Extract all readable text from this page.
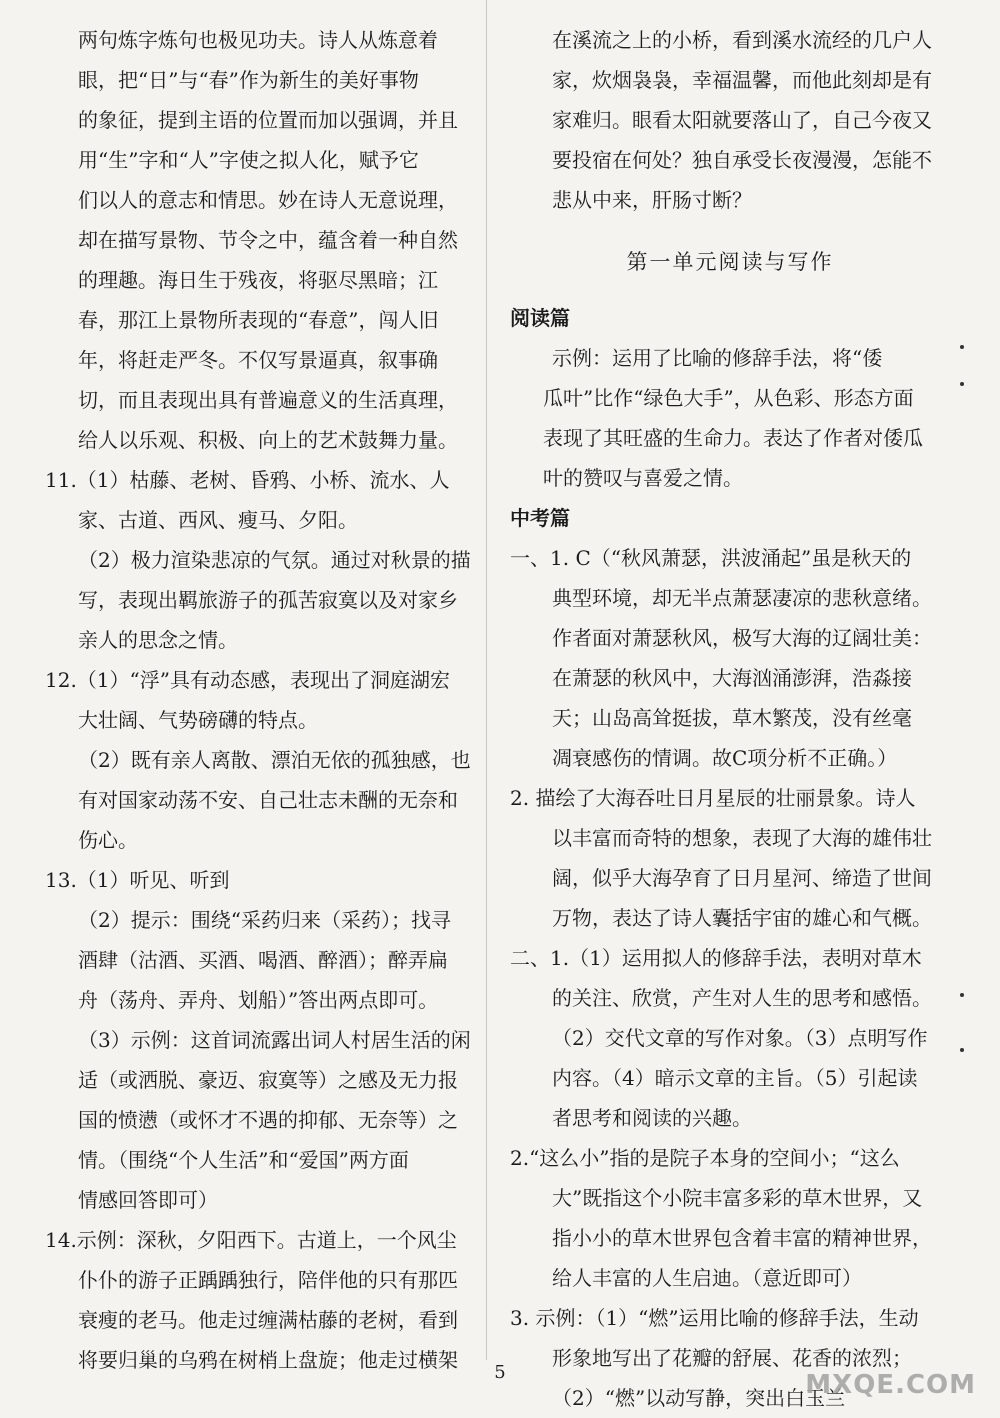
两句炼字炼句也极见功夫。诗人从炼意着
眼，把“日”与“春”作为新生的美好事物
的象征，提到主语的位置而加以强调，并且
用“生”字和“人”字使之拟人化，赋予它
们以人的意志和情思。妙在诗人无意说理，
却在描写景物、节令之中，蕴含着一种自然
的理趣。海日生于残夜，将驱尽黑暗；江
春，那江上景物所表现的“春意”，闯人旧
年，将赶走严冬。不仅写景逼真，叙事确
切，而且表现出具有普遍意义的生活真理，
给人以乐观、积极、向上的艺术鼓舞力量。
11.（1）枯藤、老树、昏鸦、小桥、流水、人
家、古道、西风、瘦马、夕阳。
（2）极力渲染悲凉的气氛。通过对秋景的描
写，表现出羁旅游子的孤苦寂寞以及对家乡
亲人的思念之情。
12.（1）“浮”具有动态感，表现出了洞庭湖宏
大壮阔、气势磅礴的特点。
（2）既有亲人离散、漂泊无依的孤独感，也
有对国家动荡不安、自己壮志未酬的无奈和
伤心。
13.（1）听见、听到
（2）提示：围绕“采药归来（采药）；找寻
酒肆（沽酒、买酒、喝酒、醉酒）；醉弄扁
舟（荡舟、弄舟、划船）”答出两点即可。
（3）示例：这首词流露出词人村居生活的闲
适（或洒脱、豪迈、寂寞等）之感及无力报
国的愤懑（或怀才不遇的抑郁、无奈等）之
情。（围绕“个人生活”和“爱国”两方面
情感回答即可）
14.示例：深秋，夕阳西下。古道上，一个风尘
仆仆的游子正踽踽独行，陪伴他的只有那匹
衰瘦的老马。他走过缠满枯藤的老树，看到
将要归巢的乌鸦在树梢上盘旋；他走过横架
在溪流之上的小桥，看到溪水流经的几户人
家，炊烟袅袅，幸福温馨，而他此刻却是有
家难归。眼看太阳就要落山了，自己今夜又
要投宿在何处？独自承受长夜漫漫，怎能不
悲从中来，肝肠寸断？
第一单元阅读与写作
阅读篇
示例：运用了比喻的修辞手法，将“倭
瓜叶”比作“绿色大手”，从色彩、形态方面
表现了其旺盛的生命力。表达了作者对倭瓜
叶的赞叹与喜爱之情。
中考篇
一、1. C（“秋风萧瑟，洪波涌起”虽是秋天的
典型环境，却无半点萧瑟凄凉的悲秋意绪。
作者面对萧瑟秋风，极写大海的辽阔壮美：
在萧瑟的秋风中，大海汹涌澎湃，浩淼接
天；山岛高耸挺拔，草木繁茂，没有丝毫
凋衰感伤的情调。故C项分析不正确。）
2. 描绘了大海吞吐日月星辰的壮丽景象。诗人
以丰富而奇特的想象，表现了大海的雄伟壮
阔，似乎大海孕育了日月星河、缔造了世间
万物，表达了诗人囊括宇宙的雄心和气概。
二、1.（1）运用拟人的修辞手法，表明对草木
的关注、欣赏，产生对人生的思考和感悟。
（2）交代文章的写作对象。（3）点明写作
内容。（4）暗示文章的主旨。（5）引起读
者思考和阅读的兴趣。
2.“这么小”指的是院子本身的空间小；“这么
大”既指这个小院丰富多彩的草木世界，又
指小小的草木世界包含着丰富的精神世界，
给人丰富的人生启迪。（意近即可）
3. 示例：（1）“燃”运用比喻的修辞手法，生动
形象地写出了花瓣的舒展、花香的浓烈；
（2）“燃”以动写静，突出白玉兰
5	MXQE.COM
